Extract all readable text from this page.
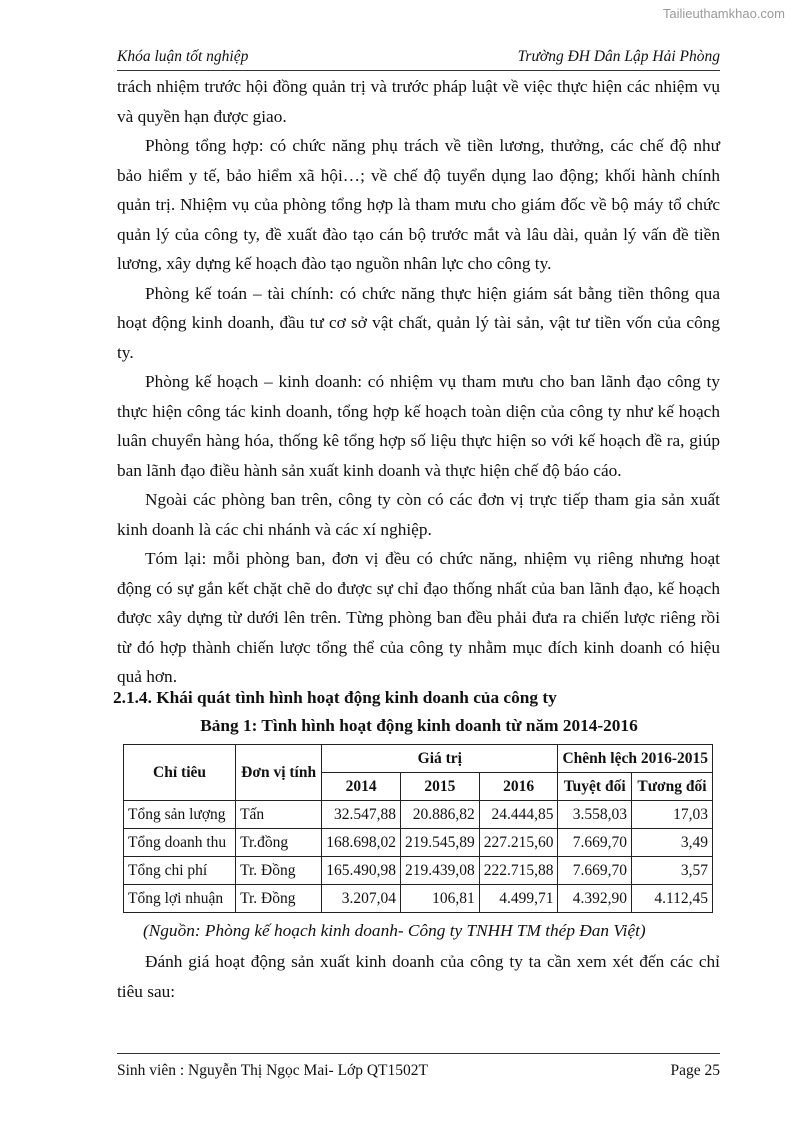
Tailieuthamkhao.com
Khóa luận tốt nghiệp	Trường ĐH Dân Lập Hải Phòng

trách nhiệm trước hội đồng quản trị và trước pháp luật về việc thực hiện các nhiệm vụ và quyền hạn được giao.

Phòng tổng hợp: có chức năng phụ trách về tiền lương, thưởng, các chế độ như bảo hiểm y tế, bảo hiểm xã hội…; về chế độ tuyển dụng lao động; khối hành chính quản trị. Nhiệm vụ của phòng tổng hợp là tham mưu cho giám đốc về bộ máy tổ chức quản lý của công ty, đề xuất đào tạo cán bộ trước mắt và lâu dài, quản lý vấn đề tiền lương, xây dựng kế hoạch đào tạo nguồn nhân lực cho công ty.

Phòng kế toán – tài chính: có chức năng thực hiện giám sát bằng tiền thông qua hoạt động kinh doanh, đầu tư cơ sở vật chất, quản lý tài sản, vật tư tiền vốn của công ty.

Phòng kế hoạch – kinh doanh: có nhiệm vụ tham mưu cho ban lãnh đạo công ty thực hiện công tác kinh doanh, tổng hợp kế hoạch toàn diện của công ty như kế hoạch luân chuyển hàng hóa, thống kê tổng hợp số liệu thực hiện so với kế hoạch đề ra, giúp ban lãnh đạo điều hành sản xuất kinh doanh và thực hiện chế độ báo cáo.

Ngoài các phòng ban trên, công ty còn có các đơn vị trực tiếp tham gia sản xuất kinh doanh là các chi nhánh và các xí nghiệp.

Tóm lại: mỗi phòng ban, đơn vị đều có chức năng, nhiệm vụ riêng nhưng hoạt động có sự gắn kết chặt chẽ do được sự chỉ đạo thống nhất của ban lãnh đạo, kế hoạch được xây dựng từ dưới lên trên. Từng phòng ban đều phải đưa ra chiến lược riêng rồi từ đó hợp thành chiến lược tổng thể của công ty nhằm mục đích kinh doanh có hiệu quả hơn.

2.1.4. Khái quát tình hình hoạt động kinh doanh của công ty
Bảng 1: Tình hình hoạt động kinh doanh từ năm 2014-2016
Chỉ tiêu	Đơn vị tính	Giá trị			Chênh lệch 2016-2015	
		2014	2015	2016	Tuyệt đối	Tương đối
Tổng sản lượng	Tấn	32.547,88	20.886,82	24.444,85	3.558,03	17,03
Tổng doanh thu	Tr.đồng	168.698,02	219.545,89	227.215,60	7.669,70	3,49
Tổng chi phí	Tr. Đồng	165.490,98	219.439,08	222.715,88	7.669,70	3,57
Tổng lợi nhuận	Tr. Đồng	3.207,04	106,81	4.499,71	4.392,90	4.112,45
(Nguồn: Phòng kế hoạch kinh doanh- Công ty TNHH TM thép Đan Việt)

Đánh giá hoạt động sản xuất kinh doanh của công ty ta cần xem xét đến các chỉ tiêu sau:

Sinh viên : Nguyễn Thị Ngọc Mai- Lớp QT1502T	Page 25
